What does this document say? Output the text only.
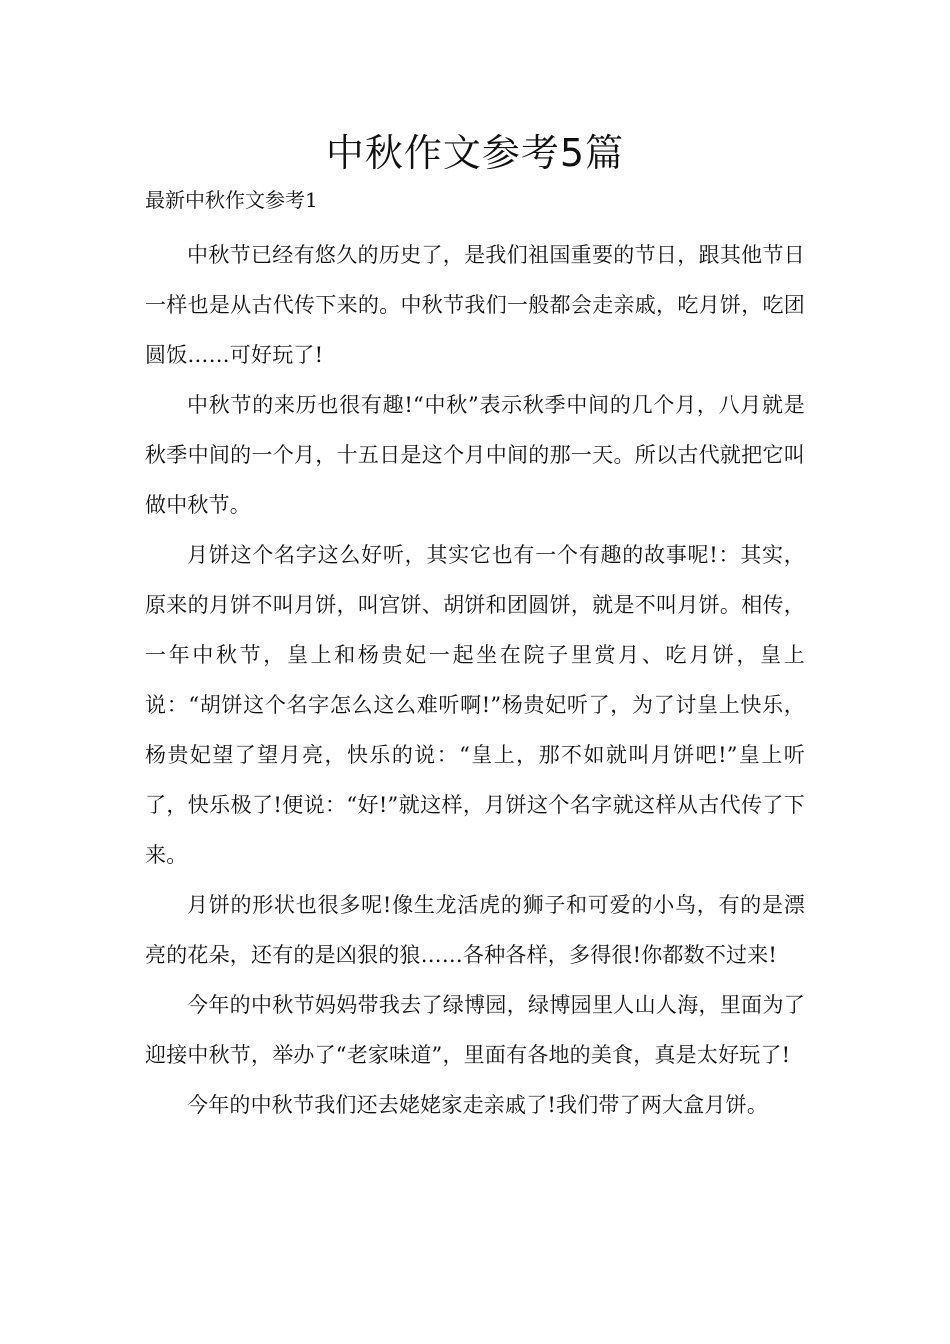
中秋作文参考5篇

最新中秋作文参考1

中秋节已经有悠久的历史了，是我们祖国重要的节日，跟其他节日一样也是从古代传下来的。中秋节我们一般都会走亲戚，吃月饼，吃团圆饭……可好玩了!

中秋节的来历也很有趣!“中秋”表示秋季中间的几个月，八月就是秋季中间的一个月，十五日是这个月中间的那一天。所以古代就把它叫做中秋节。

月饼这个名字这么好听，其实它也有一个有趣的故事呢!：其实，原来的月饼不叫月饼，叫宫饼、胡饼和团圆饼，就是不叫月饼。相传，一年中秋节，皇上和杨贵妃一起坐在院子里赏月、吃月饼，皇上说：“胡饼这个名字怎么这么难听啊!”杨贵妃听了，为了讨皇上快乐，杨贵妃望了望月亮，快乐的说：“皇上，那不如就叫月饼吧!”皇上听了，快乐极了!便说：“好!”就这样，月饼这个名字就这样从古代传了下来。

月饼的形状也很多呢!像生龙活虎的狮子和可爱的小鸟，有的是漂亮的花朵，还有的是凶狠的狼……各种各样，多得很!你都数不过来!

今年的中秋节妈妈带我去了绿博园，绿博园里人山人海，里面为了迎接中秋节，举办了“老家味道”，里面有各地的美食，真是太好玩了!

今年的中秋节我们还去姥姥家走亲戚了!我们带了两大盒月饼。
